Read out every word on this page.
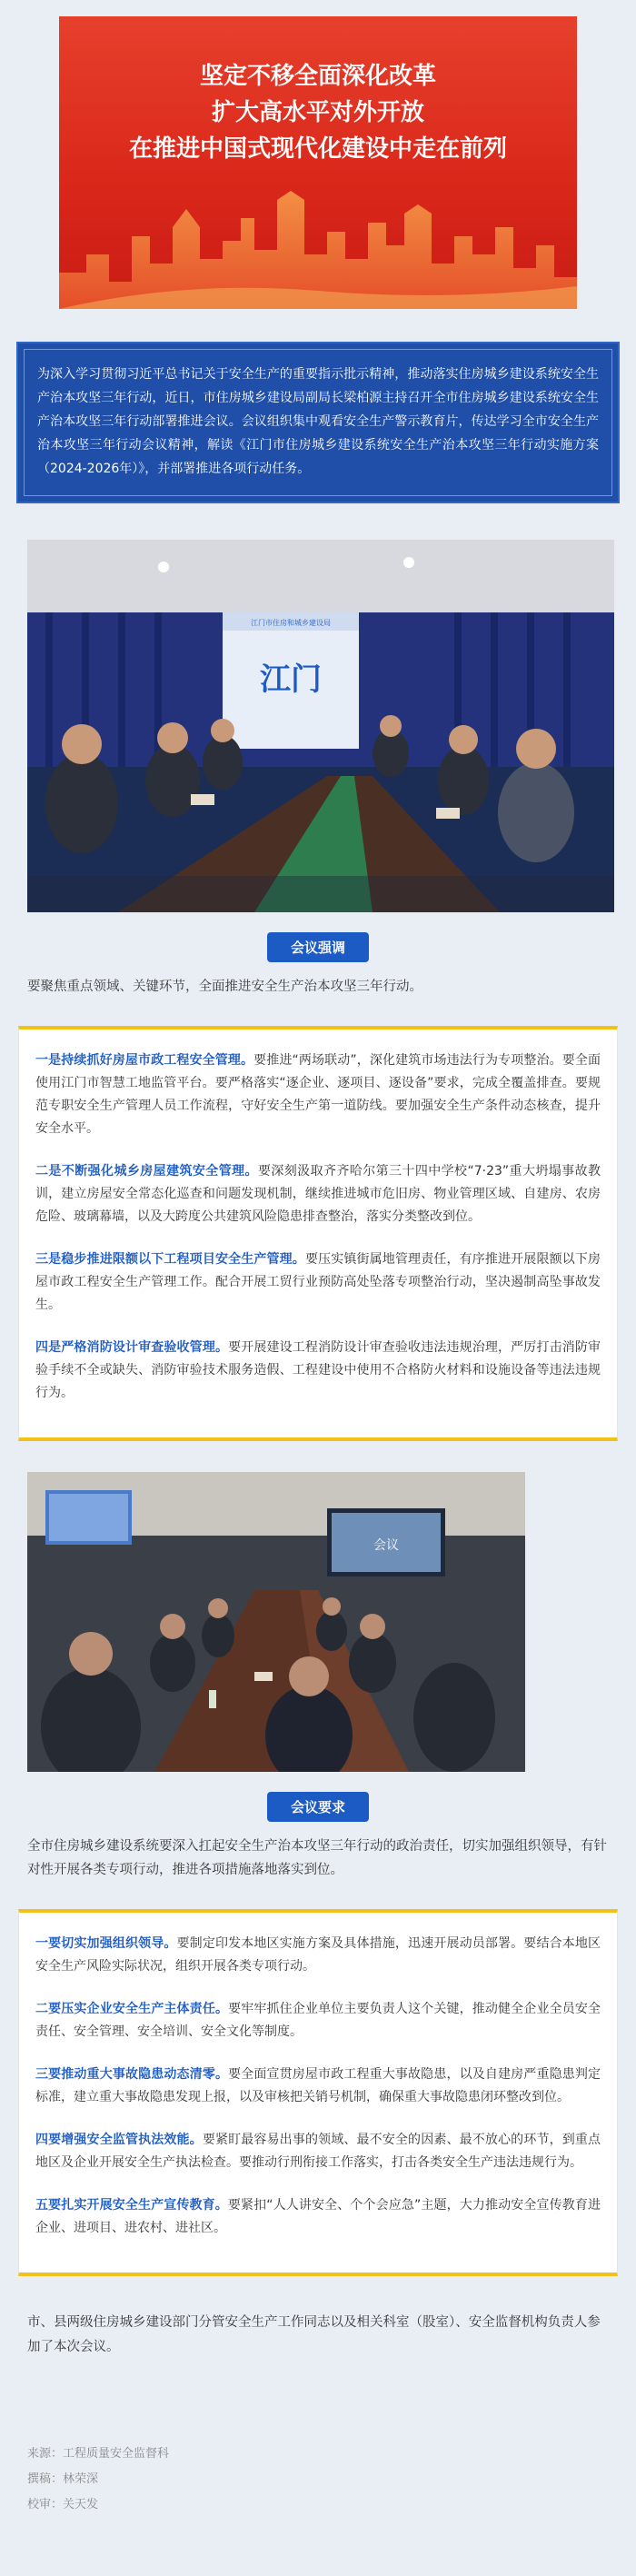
坚定不移全面深化改革
扩大高水平对外开放
在推进中国式现代化建设中走在前列
为深入学习贯彻习近平总书记关于安全生产的重要指示批示精神，推动落实住房城乡建设系统安全生产治本攻坚三年行动，近日，市住房城乡建设局副局长梁柏源主持召开全市住房城乡建设系统安全生产治本攻坚三年行动部署推进会议。会议组织集中观看安全生产警示教育片，传达学习全市安全生产治本攻坚三年行动会议精神，解读《江门市住房城乡建设系统安全生产治本攻坚三年行动实施方案（2024-2026年）》，并部署推进各项行动任务。
江门
江门市住房和城乡建设局
会议强调
要聚焦重点领域、关键环节，全面推进安全生产治本攻坚三年行动。

一是持续抓好房屋市政工程安全管理。要推进“两场联动”，深化建筑市场违法行为专项整治。要全面使用江门市智慧工地监管平台。要严格落实“逐企业、逐项目、逐设备”要求，完成全覆盖排查。要规范专职安全生产管理人员工作流程，守好安全生产第一道防线。要加强安全生产条件动态核查，提升安全水平。

二是不断强化城乡房屋建筑安全管理。要深刻汲取齐齐哈尔第三十四中学校“7·23”重大坍塌事故教训，建立房屋安全常态化巡查和问题发现机制，继续推进城市危旧房、物业管理区域、自建房、农房危险、玻璃幕墙，以及大跨度公共建筑风险隐患排查整治，落实分类整改到位。

三是稳步推进限额以下工程项目安全生产管理。要压实镇街属地管理责任，有序推进开展限额以下房屋市政工程安全生产管理工作。配合开展工贸行业预防高处坠落专项整治行动，坚决遏制高坠事故发生。

四是严格消防设计审查验收管理。要开展建设工程消防设计审查验收违法违规治理，严厉打击消防审验手续不全或缺失、消防审验技术服务造假、工程建设中使用不合格防火材料和设施设备等违法违规行为。

会议
会议要求
全市住房城乡建设系统要深入扛起安全生产治本攻坚三年行动的政治责任，切实加强组织领导，有针对性开展各类专项行动，推进各项措施落地落实到位。

一要切实加强组织领导。要制定印发本地区实施方案及具体措施，迅速开展动员部署。要结合本地区安全生产风险实际状况，组织开展各类专项行动。

二要压实企业安全生产主体责任。要牢牢抓住企业单位主要负责人这个关键，推动健全企业全员安全责任、安全管理、安全培训、安全文化等制度。

三要推动重大事故隐患动态清零。要全面宣贯房屋市政工程重大事故隐患，以及自建房严重隐患判定标准，建立重大事故隐患发现上报，以及审核把关销号机制，确保重大事故隐患闭环整改到位。

四要增强安全监管执法效能。要紧盯最容易出事的领域、最不安全的因素、最不放心的环节，到重点地区及企业开展安全生产执法检查。要推动行刑衔接工作落实，打击各类安全生产违法违规行为。

五要扎实开展安全生产宣传教育。要紧扣“人人讲安全、个个会应急”主题，大力推动安全宣传教育进企业、进项目、进农村、进社区。

市、县两级住房城乡建设部门分管安全生产工作同志以及相关科室（股室）、安全监督机构负责人参加了本次会议。
来源：工程质量安全监督科
撰稿：林荣深
校审：关天发
